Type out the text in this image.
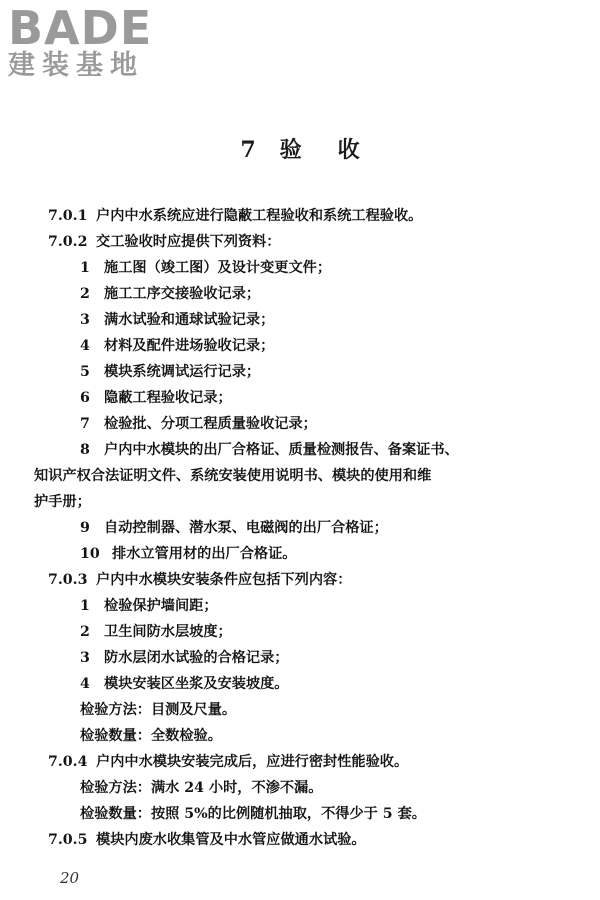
BADE
建装基地
7 验 收
7.0.1 户内中水系统应进行隐蔽工程验收和系统工程验收。
7.0.2 交工验收时应提供下列资料：
1 施工图（竣工图）及设计变更文件；
2 施工工序交接验收记录；
3 满水试验和通球试验记录；
4 材料及配件进场验收记录；
5 模块系统调试运行记录；
6 隐蔽工程验收记录；
7 检验批、分项工程质量验收记录；
8 户内中水模块的出厂合格证、质量检测报告、备案证书、
知识产权合法证明文件、系统安装使用说明书、模块的使用和维
护手册；
9 自动控制器、潜水泵、电磁阀的出厂合格证；
10 排水立管用材的出厂合格证。
7.0.3 户内中水模块安装条件应包括下列内容：
1 检验保护墙间距；
2 卫生间防水层坡度；
3 防水层闭水试验的合格记录；
4 模块安装区坐浆及安装坡度。
检验方法：目测及尺量。
检验数量：全数检验。
7.0.4 户内中水模块安装完成后，应进行密封性能验收。
检验方法：满水 24 小时，不渗不漏。
检验数量：按照 5%的比例随机抽取，不得少于 5 套。
7.0.5 模块内废水收集管及中水管应做通水试验。
20
